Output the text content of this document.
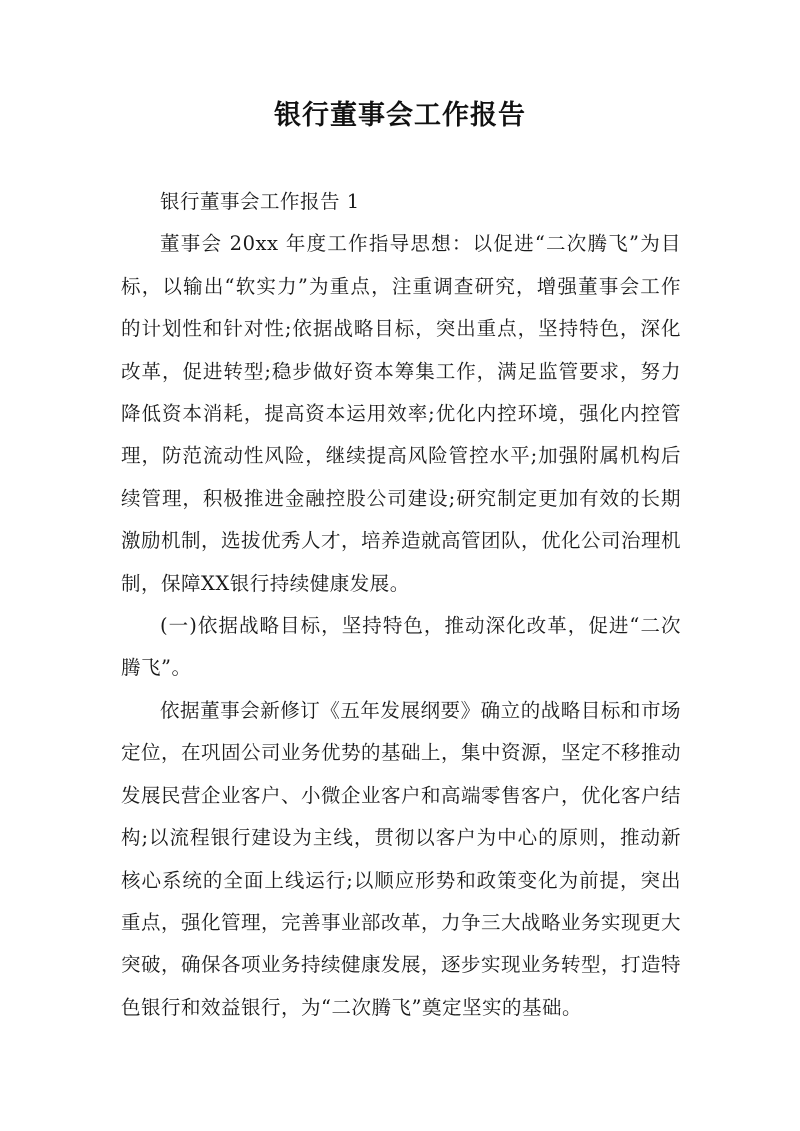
银行董事会工作报告

银行董事会工作报告 1

董事会 20xx 年度工作指导思想：以促进“二次腾飞”为目标，以输出“软实力”为重点，注重调查研究，增强董事会工作的计划性和针对性;依据战略目标，突出重点，坚持特色，深化改革，促进转型;稳步做好资本筹集工作，满足监管要求，努力降低资本消耗，提高资本运用效率;优化内控环境，强化内控管理，防范流动性风险，继续提高风险管控水平;加强附属机构后续管理，积极推进金融控股公司建设;研究制定更加有效的长期激励机制，选拔优秀人才，培养造就高管团队，优化公司治理机制，保障XX银行持续健康发展。

(一)依据战略目标，坚持特色，推动深化改革，促进“二次腾飞”。

依据董事会新修订《五年发展纲要》确立的战略目标和市场定位，在巩固公司业务优势的基础上，集中资源，坚定不移推动发展民营企业客户、小微企业客户和高端零售客户，优化客户结构;以流程银行建设为主线，贯彻以客户为中心的原则，推动新核心系统的全面上线运行;以顺应形势和政策变化为前提，突出重点，强化管理，完善事业部改革，力争三大战略业务实现更大突破，确保各项业务持续健康发展，逐步实现业务转型，打造特色银行和效益银行，为“二次腾飞”奠定坚实的基础。
